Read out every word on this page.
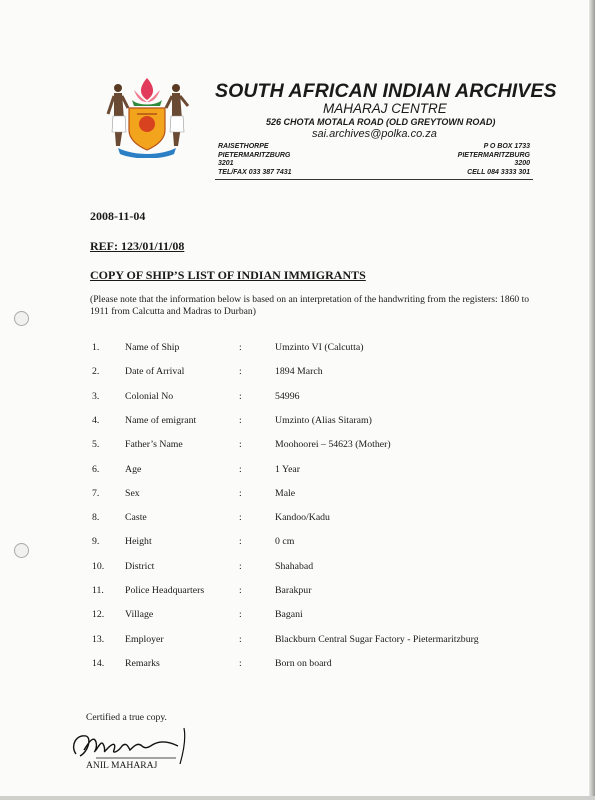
SOUTH AFRICAN INDIAN ARCHIVES
MAHARAJ CENTRE
526 CHOTA MOTALA ROAD (OLD GREYTOWN ROAD)
sai.archives@polka.co.za
RAISETHORPE
PIETERMARITZBURG
3201
TEL/FAX 033 387 7431
P O BOX 1733
PIETERMARITZBURG
3200
CELL 084 3333 301
2008-11-04
REF: 123/01/11/08
COPY OF SHIP’S LIST OF INDIAN IMMIGRANTS
(Please note that the information below is based on an interpretation of the handwriting from the registers: 1860 to 1911 from Calcutta and Madras to Durban)
1.	Name of Ship	:	Umzinto VI (Calcutta)
2.	Date of Arrival	:	1894 March
3.	Colonial No	:	54996
4.	Name of emigrant	:	Umzinto (Alias Sitaram)
5.	Father’s Name	:	Moohoorei – 54623 (Mother)
6.	Age	:	1 Year
7.	Sex	:	Male
8.	Caste	:	Kandoo/Kadu
9.	Height	:	0 cm
10. District	:	Shahabad
11. Police Headquarters	:	Barakpur
12. Village	:	Bagani
13. Employer	:	Blackburn Central Sugar Factory - Pietermaritzburg
14. Remarks	:	Born on board
Certified a true copy.
ANIL MAHARAJ
